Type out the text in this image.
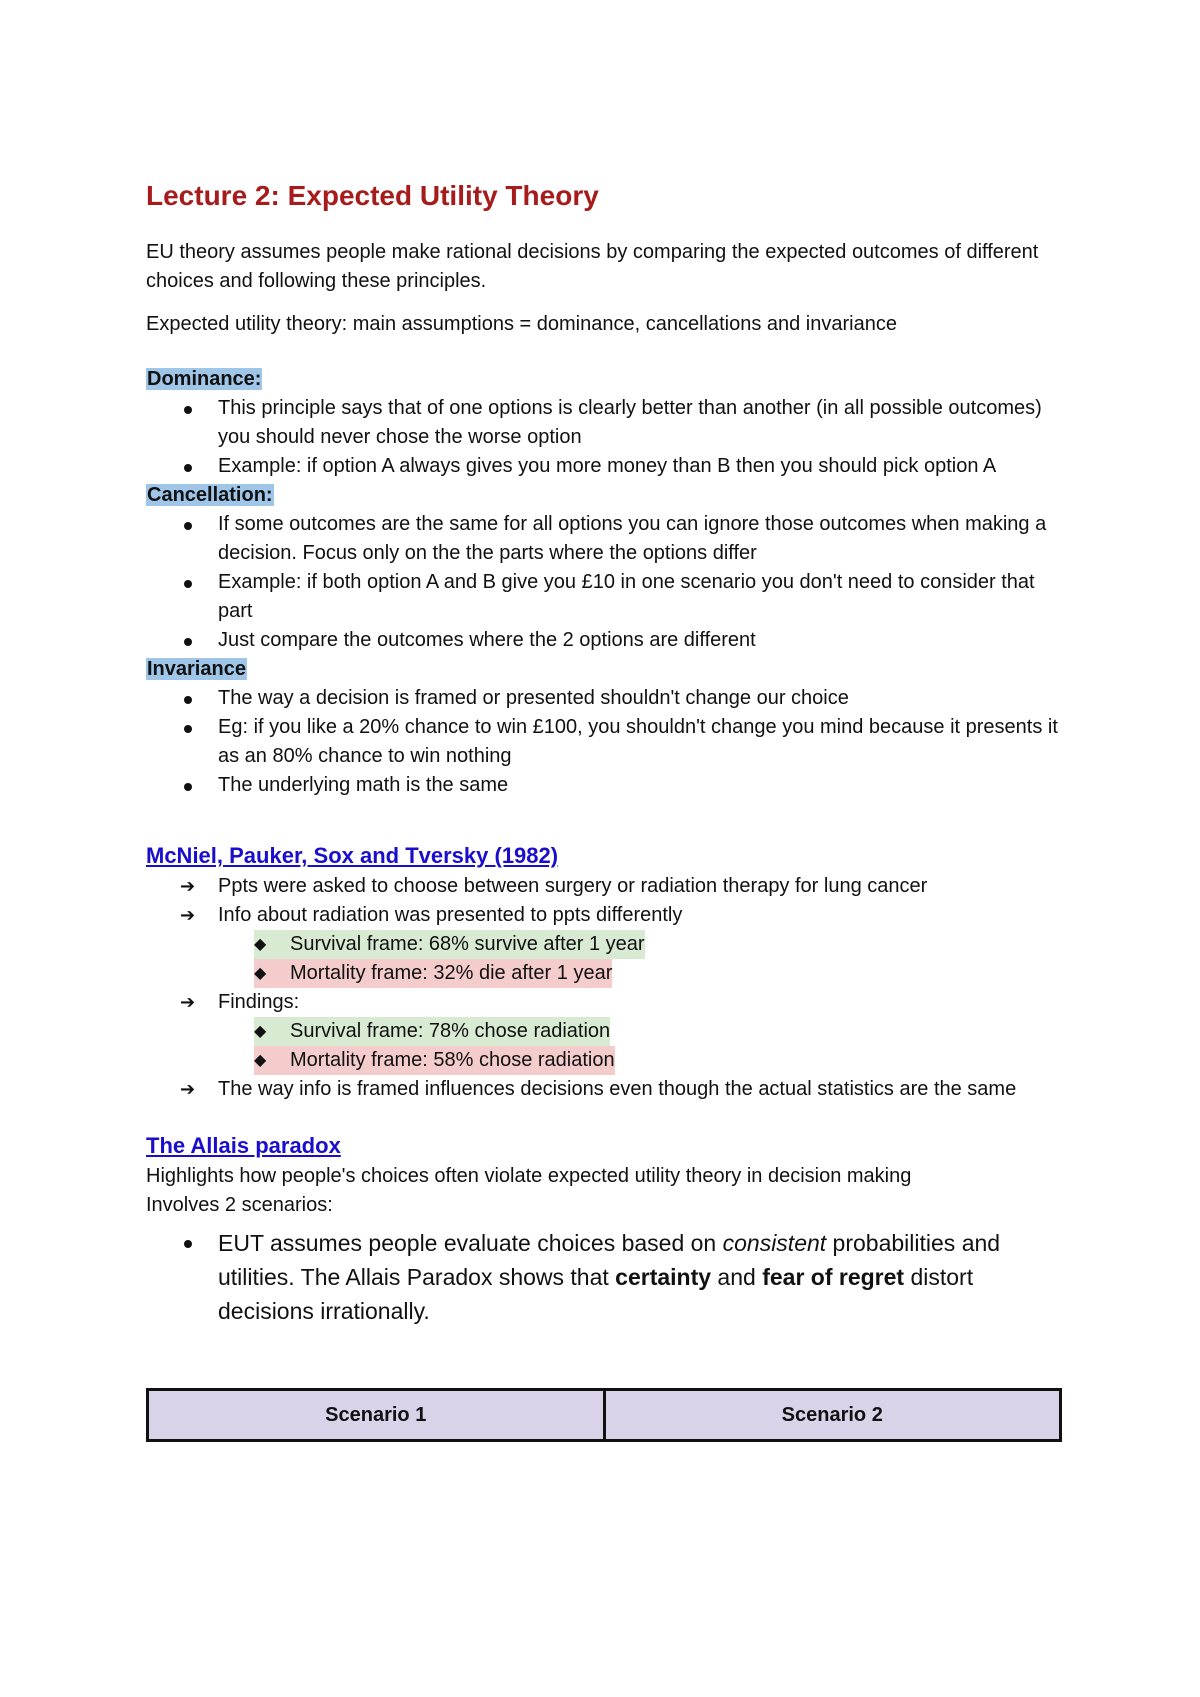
Lecture 2: Expected Utility Theory

EU theory assumes people make rational decisions by comparing the expected outcomes of different choices and following these principles.

Expected utility theory: main assumptions = dominance, cancellations and invariance

Dominance:
This principle says that of one options is clearly better than another (in all possible outcomes) you should never chose the worse option
Example: if option A always gives you more money than B then you should pick option A
Cancellation:
If some outcomes are the same for all options you can ignore those outcomes when making a decision. Focus only on the the parts where the options differ
Example: if both option A and B give you £10 in one scenario you don't need to consider that part
Just compare the outcomes where the 2 options are different
Invariance
The way a decision is framed or presented shouldn't change our choice
Eg: if you like a 20% chance to win £100, you shouldn't change you mind because it presents it as an 80% chance to win nothing
The underlying math is the same
McNiel, Pauker, Sox and Tversky (1982)
➔ Ppts were asked to choose between surgery or radiation therapy for lung cancer
➔ Info about radiation was presented to ppts differently
◆ Survival frame: 68% survive after 1 year
◆ Mortality frame: 32% die after 1 year
➔ Findings:
◆ Survival frame: 78% chose radiation
◆ Mortality frame: 58% chose radiation
➔ The way info is framed influences decisions even though the actual statistics are the same
The Allais paradox

Highlights how people's choices often violate expected utility theory in decision making

Involves 2 scenarios:

EUT assumes people evaluate choices based on consistent probabilities and utilities. The Allais Paradox shows that certainty and fear of regret distort decisions irrationally.
Scenario 1	Scenario 2
